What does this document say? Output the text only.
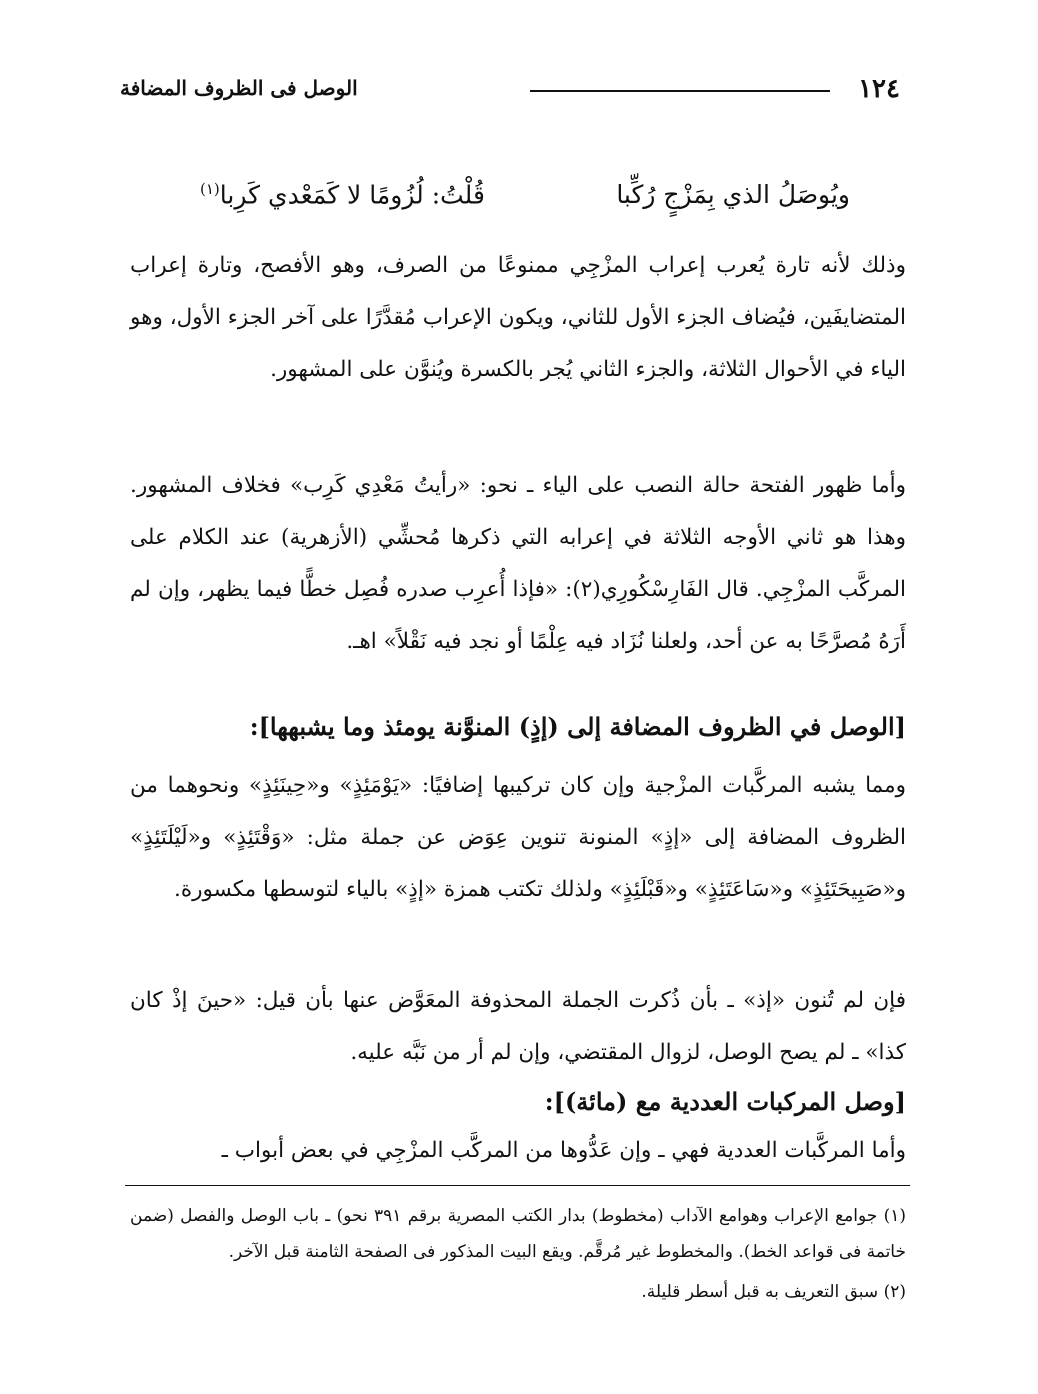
١٢٤
الوصل فى الظروف المضافة
ويُوصَلُ الذي بِمَزْجٍ رُكِّبا
قُلْتُ: لُزُومًا لا كَمَعْدي كَرِبا$^{(١)}$

وذلك لأنه تارة يُعرب إعراب المزْجِي ممنوعًا من الصرف، وهو الأفصح، وتارة إعراب المتضايفَين، فيُضاف الجزء الأول للثاني، ويكون الإعراب مُقدَّرًا على آخر الجزء الأول، وهو الياء في الأحوال الثلاثة، والجزء الثاني يُجر بالكسرة ويُنوَّن على المشهور.

وأما ظهور الفتحة حالة النصب على الياء ـ نحو: «رأيتُ مَعْدِي كَرِب» فخلاف المشهور. وهذا هو ثاني الأوجه الثلاثة في إعرابه التي ذكرها مُحشِّي (الأزهرية) عند الكلام على المركَّب المزْجِي. قال الفَارِسْكُورِي(٢): «فإذا أُعرِب صدره فُصِل خطًّا فيما يظهر، وإن لم أَرَهُ مُصرَّحًا به عن أحد، ولعلنا نُزَاد فيه عِلْمًا أو نجد فيه نَقْلاً» اهـ.

[الوصل في الظروف المضافة إلى (إذٍ) المنوَّنة يومئذ وما يشبهها]:

ومما يشبه المركَّبات المزْجية وإن كان تركيبها إضافيًا: «يَوْمَئِذٍ» و«حِينَئِذٍ» ونحوهما من الظروف المضافة إلى «إذٍ» المنونة تنوين عِوَض عن جملة مثل: «وَقْتَئِذٍ» و«لَيْلَتَئِذٍ» و«صَبِيحَتَئِذٍ» و«سَاعَتَئِذٍ» و«قَبْلَئِذٍ» ولذلك تكتب همزة «إذٍ» بالياء لتوسطها مكسورة.

فإن لم تُنون «إذ» ـ بأن ذُكرت الجملة المحذوفة المعَوَّض عنها بأن قيل: «حينَ إذْ كان كذا» ـ لم يصح الوصل، لزوال المقتضي، وإن لم أر من نَبَّه عليه.

[وصل المركبات العددية مع (مائة)]:

وأما المركَّبات العددية فهي ـ وإن عَدُّوها من المركَّب المزْجِي في بعض أبواب ـ

(١) جوامع الإعراب وهوامع الآداب (مخطوط) بدار الكتب المصرية برقم ٣٩١ نحو) ـ باب الوصل والفصل (ضمن خاتمة فى قواعد الخط). والمخطوط غير مُرقَّم. ويقع البيت المذكور فى الصفحة الثامنة قبل الآخر.

(٢) سبق التعريف به قبل أسطر قليلة.
